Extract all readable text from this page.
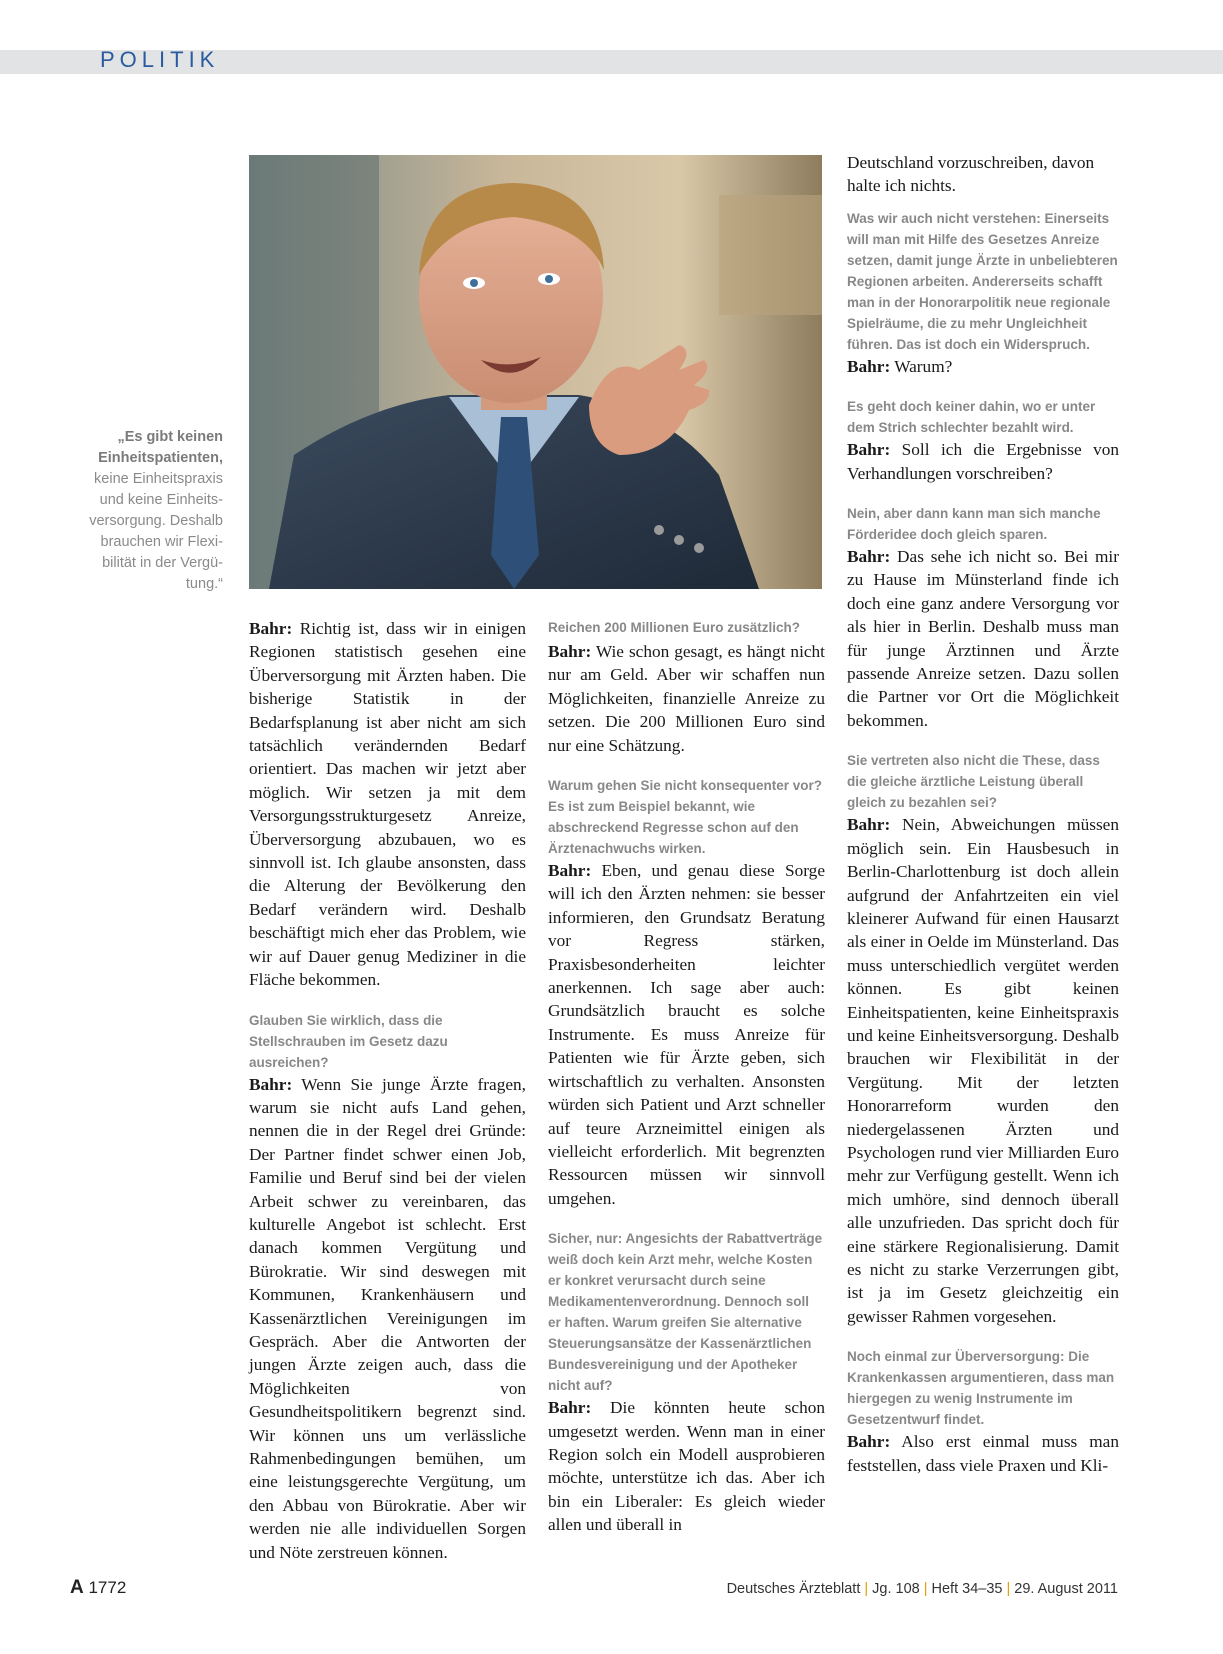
POLITIK
„Es gibt keinen Einheitspatienten, keine Einheitspraxis und keine Einheits-versorgung. Deshalb brauchen wir Flexi-bilität in der Vergü-tung.“

Bahr: Richtig ist, dass wir in einigen Regionen statistisch gesehen eine Überversorgung mit Ärzten haben. Die bisherige Statistik in der Bedarfsplanung ist aber nicht am sich tatsächlich verändernden Bedarf orientiert. Das machen wir jetzt aber möglich. Wir setzen ja mit dem Versorgungsstrukturgesetz Anreize, Überversorgung abzubauen, wo es sinnvoll ist. Ich glaube ansonsten, dass die Alterung der Bevölkerung den Bedarf verändern wird. Deshalb beschäftigt mich eher das Problem, wie wir auf Dauer genug Mediziner in die Fläche bekommen.

Glauben Sie wirklich, dass die Stellschrauben im Gesetz dazu ausreichen?

Bahr: Wenn Sie junge Ärzte fragen, warum sie nicht aufs Land gehen, nennen die in der Regel drei Gründe: Der Partner findet schwer einen Job, Familie und Beruf sind bei der vielen Arbeit schwer zu vereinbaren, das kulturelle Angebot ist schlecht. Erst danach kommen Vergütung und Bürokratie. Wir sind deswegen mit Kommunen, Krankenhäusern und Kassenärztlichen Vereinigungen im Gespräch. Aber die Antworten der jungen Ärzte zeigen auch, dass die Möglichkeiten von Gesundheitspolitikern begrenzt sind. Wir können uns um verlässliche Rahmenbedingungen bemühen, um eine leistungsgerechte Vergütung, um den Abbau von Bürokratie. Aber wir werden nie alle individuellen Sorgen und Nöte zerstreuen können.

Reichen 200 Millionen Euro zusätzlich?

Bahr: Wie schon gesagt, es hängt nicht nur am Geld. Aber wir schaffen nun Möglichkeiten, finanzielle Anreize zu setzen. Die 200 Millionen Euro sind nur eine Schätzung.

Warum gehen Sie nicht konsequenter vor? Es ist zum Beispiel bekannt, wie abschreckend Regresse schon auf den Ärztenachwuchs wirken.

Bahr: Eben, und genau diese Sorge will ich den Ärzten nehmen: sie besser informieren, den Grundsatz Beratung vor Regress stärken, Praxisbesonderheiten leichter anerkennen. Ich sage aber auch: Grundsätzlich braucht es solche Instrumente. Es muss Anreize für Patienten wie für Ärzte geben, sich wirtschaftlich zu verhalten. Ansonsten würden sich Patient und Arzt schneller auf teure Arzneimittel einigen als vielleicht erforderlich. Mit begrenzten Ressourcen müssen wir sinnvoll umgehen.

Sicher, nur: Angesichts der Rabattverträge weiß doch kein Arzt mehr, welche Kosten er konkret verursacht durch seine Medikamentenverordnung. Dennoch soll er haften. Warum greifen Sie alternative Steuerungsansätze der Kassenärztlichen Bundesvereinigung und der Apotheker nicht auf?

Bahr: Die könnten heute schon umgesetzt werden. Wenn man in einer Region solch ein Modell ausprobieren möchte, unterstütze ich das. Aber ich bin ein Liberaler: Es gleich wieder allen und überall in

Deutschland vorzuschreiben, davon halte ich nichts.

Was wir auch nicht verstehen: Einerseits will man mit Hilfe des Gesetzes Anreize setzen, damit junge Ärzte in unbeliebteren Regionen arbeiten. Andererseits schafft man in der Honorarpolitik neue regionale Spielräume, die zu mehr Ungleichheit führen. Das ist doch ein Widerspruch.

Bahr: Warum?

Es geht doch keiner dahin, wo er unter dem Strich schlechter bezahlt wird.

Bahr: Soll ich die Ergebnisse von Verhandlungen vorschreiben?

Nein, aber dann kann man sich manche Förderidee doch gleich sparen.

Bahr: Das sehe ich nicht so. Bei mir zu Hause im Münsterland finde ich doch eine ganz andere Versorgung vor als hier in Berlin. Deshalb muss man für junge Ärztinnen und Ärzte passende Anreize setzen. Dazu sollen die Partner vor Ort die Möglichkeit bekommen.

Sie vertreten also nicht die These, dass die gleiche ärztliche Leistung überall gleich zu bezahlen sei?

Bahr: Nein, Abweichungen müssen möglich sein. Ein Hausbesuch in Berlin-Charlottenburg ist doch allein aufgrund der Anfahrtzeiten ein viel kleinerer Aufwand für einen Hausarzt als einer in Oelde im Münsterland. Das muss unterschiedlich vergütet werden können. Es gibt keinen Einheitspatienten, keine Einheitspraxis und keine Einheitsversorgung. Deshalb brauchen wir Flexibilität in der Vergütung. Mit der letzten Honorarreform wurden den niedergelassenen Ärzten und Psychologen rund vier Milliarden Euro mehr zur Verfügung gestellt. Wenn ich mich umhöre, sind dennoch überall alle unzufrieden. Das spricht doch für eine stärkere Regionalisierung. Damit es nicht zu starke Verzerrungen gibt, ist ja im Gesetz gleichzeitig ein gewisser Rahmen vorgesehen.

Noch einmal zur Überversorgung: Die Krankenkassen argumentieren, dass man hiergegen zu wenig Instrumente im Gesetzentwurf findet.

Bahr: Also erst einmal muss man feststellen, dass viele Praxen und Kli-

A 1772	Deutsches Ärzteblatt | Jg. 108 | Heft 34–35 | 29. August 2011
